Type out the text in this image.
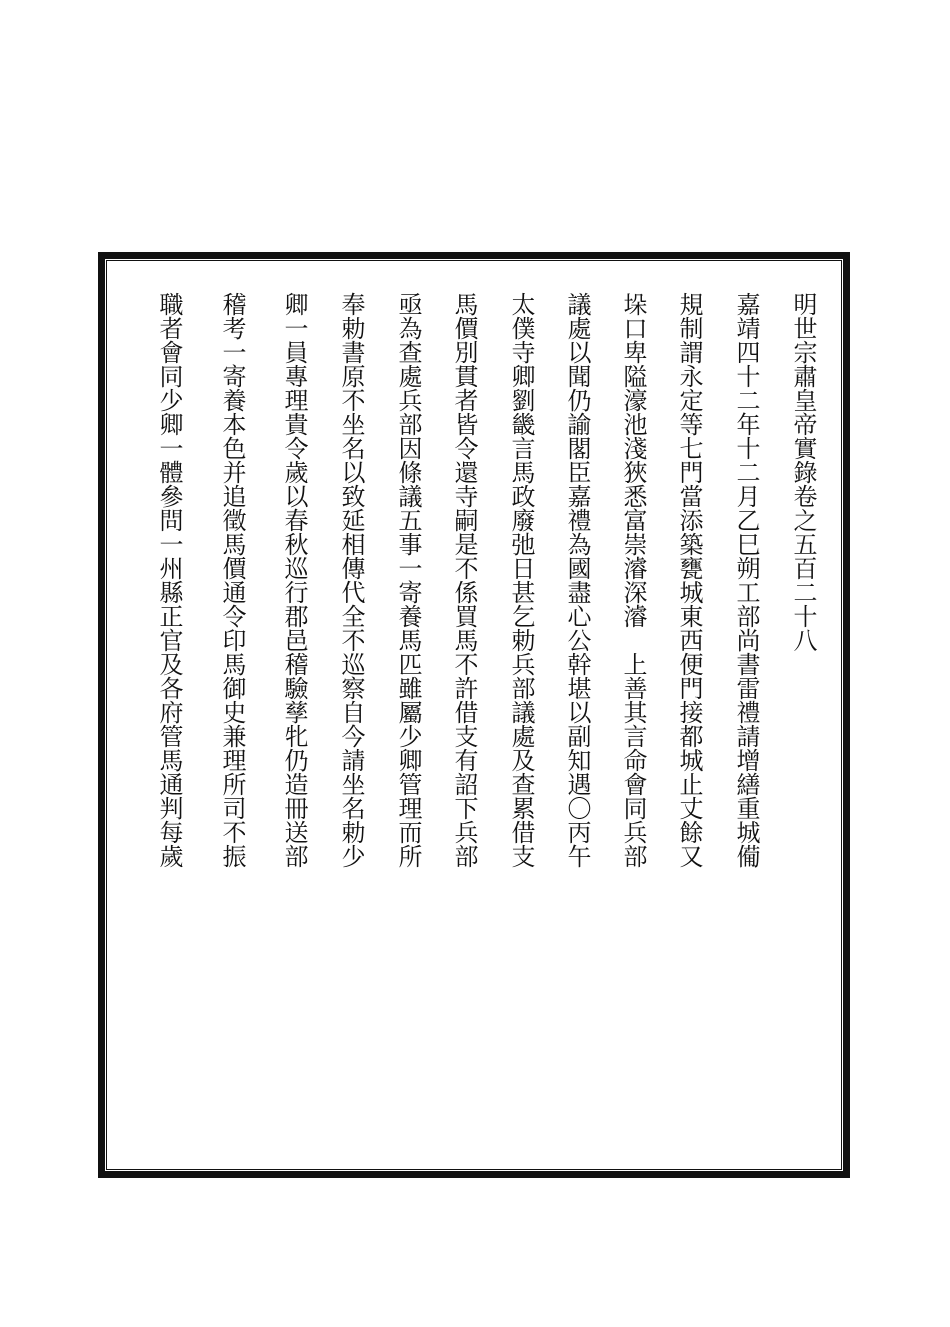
明世宗肅皇帝實錄卷之五百二十八
嘉靖四十二年十二月乙巳朔工部尚書雷禮請增繕重城僃
規制謂永定等七門當添築甕城東西便門接都城止丈餘又
垛口卑隘濠池淺狹悉富崇濬深濬　上善其言命會同兵部
議處以聞仍諭閣臣嘉禮為國盡心公幹堪以副知遇〇丙午
太僕寺卿劉畿言馬政廢弛日甚乞勅兵部議處及查累借支
馬價別貫者皆令還寺嗣是不係買馬不許借支有詔下兵部
亟為查處兵部因條議五事一寄養馬匹雖屬少卿管理而所
奉勅書原不坐名以致延相傳代全不巡察自今請坐名勅少
卿一員專理貴令歲以春秋巡行郡邑稽驗孳牝仍造冊送部
稽考一寄養本色并追徵馬價通令印馬御史兼理所司不振
職者會同少卿一體參問一州縣正官及各府管馬通判每歲
